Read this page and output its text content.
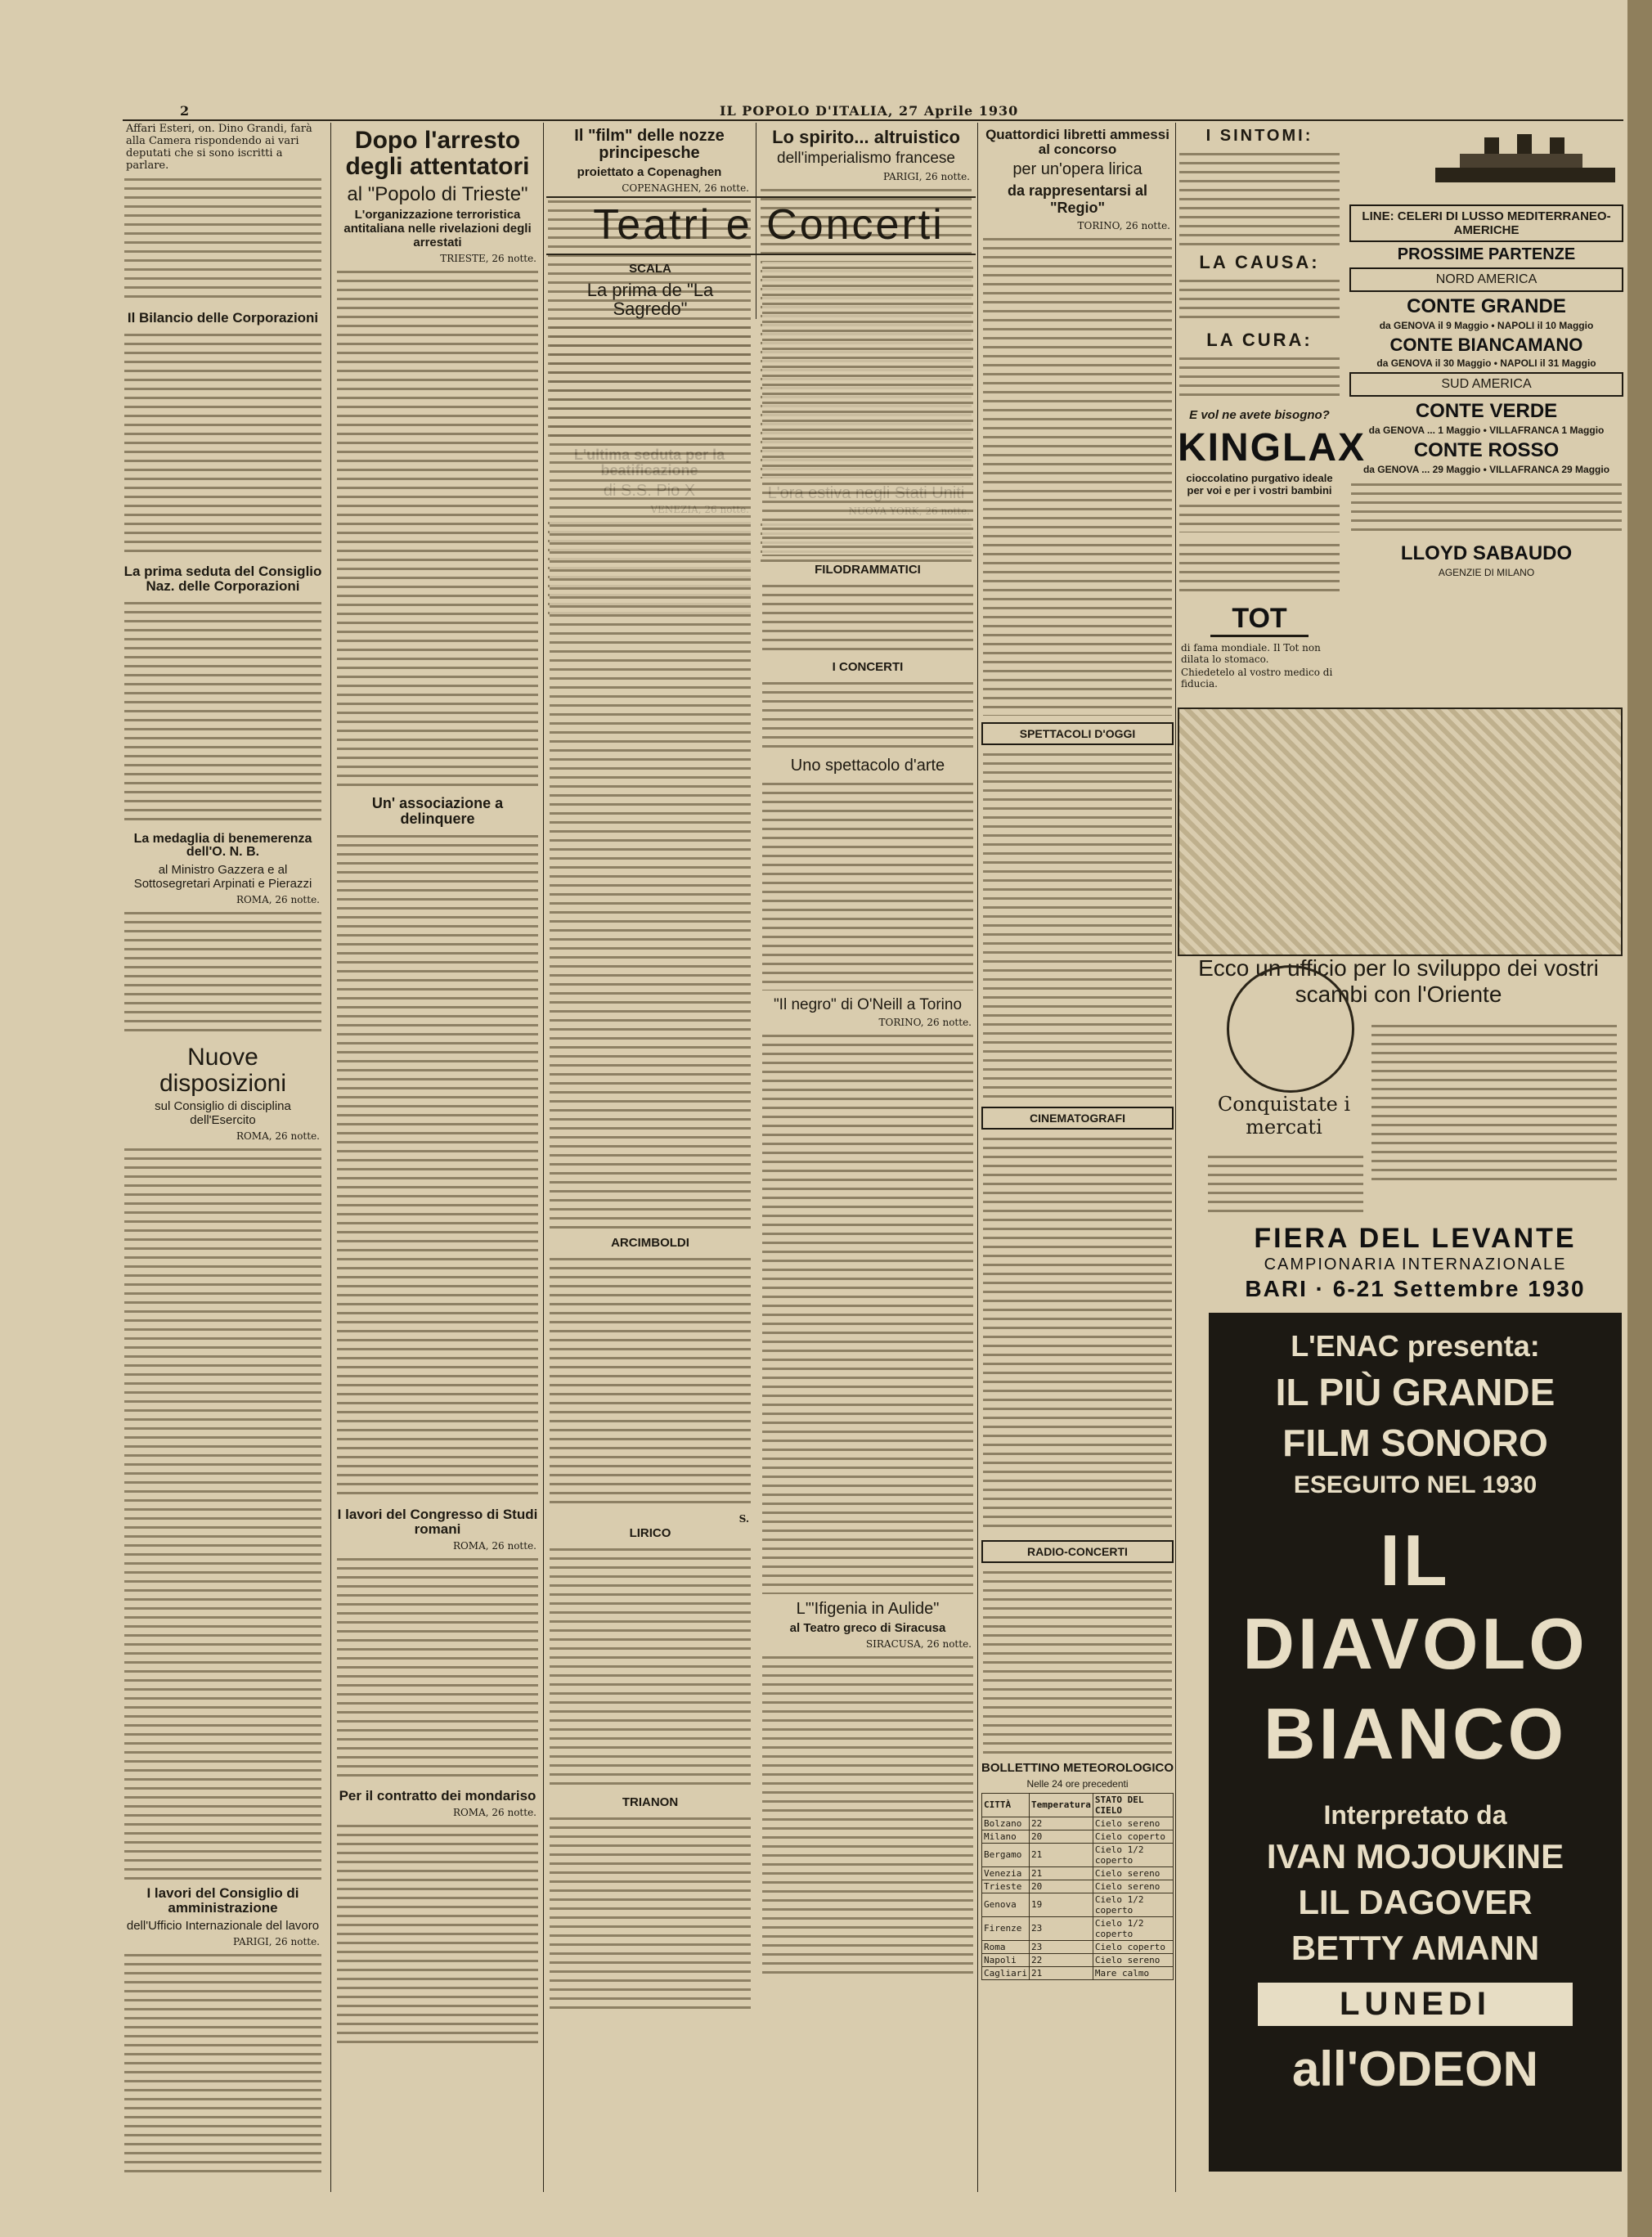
2	IL POPOLO D'ITALIA, 27 Aprile 1930
Affari Esteri, on. Dino Grandi, farà alla Camera rispondendo ai vari deputati che si sono iscritti a parlare.
Il Bilancio delle Corporazioni
La prima seduta del Consiglio Naz. delle Corporazioni
La medaglia di benemerenza dell'O. N. B.
al Ministro Gazzera e al Sottosegretari Arpinati e Pierazzi
ROMA, 26 notte.
Nuove disposizioni
sul Consiglio di disciplina dell'Esercito
ROMA, 26 notte.
I lavori del Consiglio di amministrazione
dell'Ufficio Internazionale del lavoro
PARIGI, 26 notte.
Dopo l'arresto degli attentatori
al "Popolo di Trieste"
L'organizzazione terroristica antitaliana nelle rivelazioni degli arrestati
TRIESTE, 26 notte.
Un' associazione a delinquere
I lavori del Congresso di Studi romani
ROMA, 26 notte.
Per il contratto dei mondariso
ROMA, 26 notte.
Il "film" delle nozze principesche
proiettato a Copenaghen
COPENAGHEN, 26 notte.
Lo spirito... altruistico
dell'imperialismo francese
PARIGI, 26 notte.
Teatri e Concerti
SCALA
La prima de "La Sagredo"
ARCIMBOLDI
S.
LIRICO
TRIANON
FILODRAMMATICI
I CONCERTI
Uno spettacolo d'arte
"Il negro" di O'Neill a Torino
TORINO, 26 notte.
L'"Ifigenia in Aulide"
al Teatro greco di Siracusa
SIRACUSA, 26 notte.
Quattordici libretti ammessi al concorso
per un'opera lirica
da rappresentarsi al "Regio"
TORINO, 26 notte.
SPETTACOLI D'OGGI
CINEMATOGRAFI
RADIO-CONCERTI
BOLLETTINO METEOROLOGICO
Nelle 24 ore precedenti
CITTÀ	Temperatura	STATO DEL CIELO
Bolzano	22	Cielo sereno
Milano	20	Cielo coperto
Bergamo	21	Cielo 1/2 coperto
Venezia	21	Cielo sereno
Trieste	20	Cielo sereno
Genova	19	Cielo 1/2 coperto
Firenze	23	Cielo 1/2 coperto
Roma	23	Cielo coperto
Napoli	22	Cielo sereno
Cagliari	21	Mare calmo
I SINTOMI:
LA CAUSA:
LA CURA:
E vol ne avete bisogno?
KINGLAX
cioccolatino purgativo ideale per voi e per i vostri bambini
TOT
di fama mondiale. Il Tot non dilata lo stomaco.
Chiedetelo al vostro medico di fiducia.
LINE: CELERI DI LUSSO MEDITERRANEO-AMERICHE
PROSSIME PARTENZE
NORD AMERICA
CONTE GRANDE
da GENOVA il 9 Maggio • NAPOLI il 10 Maggio
CONTE BIANCAMANO
da GENOVA il 30 Maggio • NAPOLI il 31 Maggio
SUD AMERICA
CONTE VERDE
da GENOVA ... 1 Maggio • VILLAFRANCA 1 Maggio
CONTE ROSSO
da GENOVA ... 29 Maggio • VILLAFRANCA 29 Maggio
LLOYD SABAUDO
AGENZIE DI MILANO
Ecco un ufficio per lo sviluppo dei vostri scambi con l'Oriente
Conquistate i mercati
FIERA DEL LEVANTE
CAMPIONARIA INTERNAZIONALE
BARI · 6-21 Settembre 1930
L'ENAC presenta:
IL PIÙ GRANDE
FILM SONORO
ESEGUITO NEL 1930
IL DIAVOLO
BIANCO
Interpretato da
IVAN MOJOUKINE
LIL DAGOVER
BETTY AMANN
LUNEDI
all'ODEON
